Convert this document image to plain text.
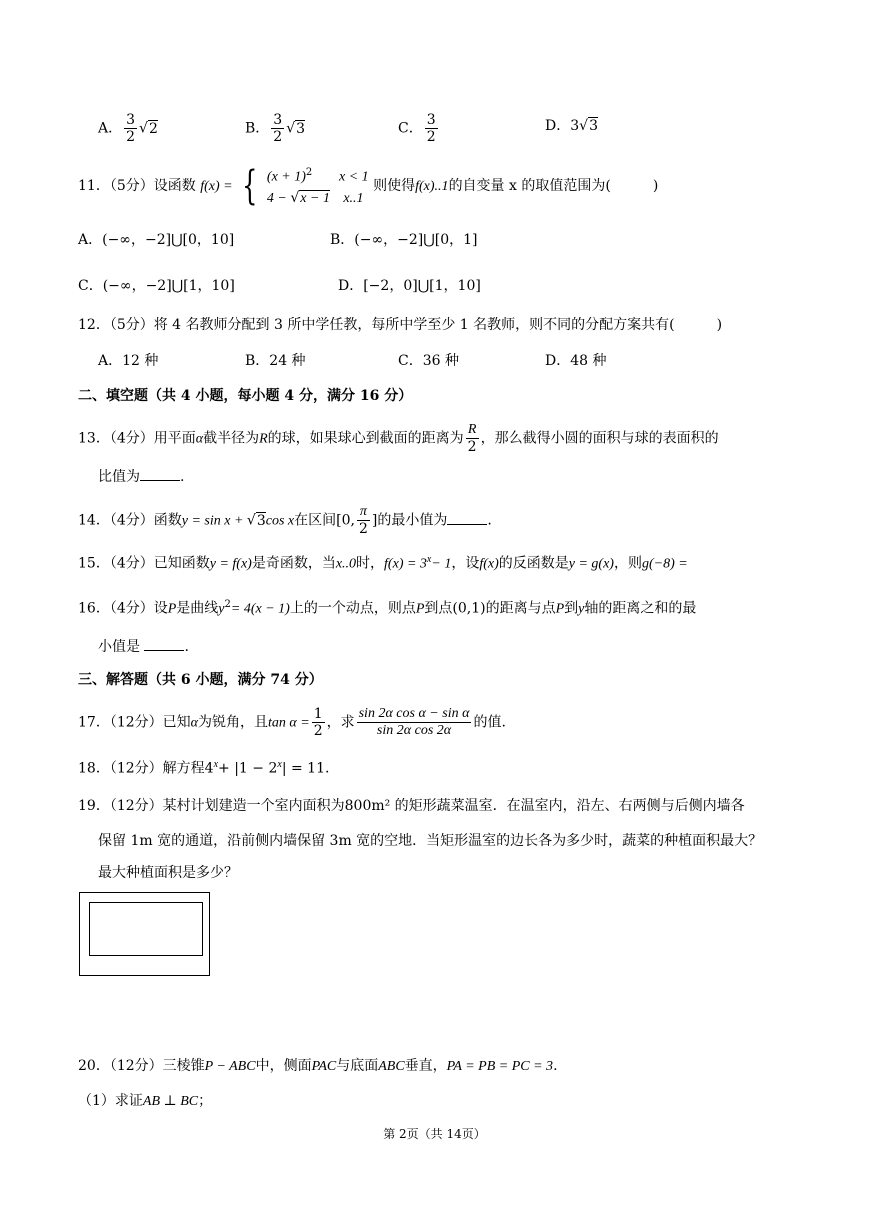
A． $\frac{3}{2} √2$	B． $\frac{3}{2} √3$	C． $\frac{3}{2}$	D．3√3
11．（5分）设函数 f(x) = { $(x + 1)^2$ x < 1
4 − √x − 1 x..1
则使得f(x)..1的自变量 x 的取值范围为(　　　)
A．(−∞，−2]⋃[0，10]	B．(−∞，−2]⋃[0，1]
C．(−∞，−2]⋃[1，10]	D．[−2，0]⋃[1，10]
12．（5分）将 4 名教师分配到 3 所中学任教，每所中学至少 1 名教师，则不同的分配方案共有(　　　)
A．12 种	B．24 种	C．36 种	D．48 种
二、填空题（共 4 小题，每小题 4 分，满分 16 分）
13．（4分）用平面α截半径为R的球，如果球心到截面的距离为 $\frac{R}{2}$ ，那么截得小圆的面积与球的表面积的
比值为	.
14．（4分）函数y = sin x + √3cos x在区间[0, $\frac{\pi}{2}$ ]的最小值为	.
15．（4分）已知函数y = f(x)是奇函数，当x..0时，$f(x) = 3^x- 1$，设f(x)的反函数是y = g(x)，则g(−8) =
16．（4分）设P是曲线$y^2= 4(x - 1)$上的一个动点，则点P到点(0,1)的距离与点P到y轴的距离之和的最
小值是	.
三、解答题（共 6 小题，满分 74 分）
17．（12分）已知α为锐角，且$\tan \alpha = \frac{1}{2}$ ，求 $\frac{\text{sin 2α cos α − sin α}}{\text{sin 2α cos 2α}}$ 的值.
18．（12分）解方程$4^x+ |1 - 2^x| = 11$.
19．（12分）某村计划建造一个室内面积为800m² 的矩形蔬菜温室．在温室内，沿左、右两侧与后侧内墙各
保留 1m 宽的通道，沿前侧内墙保留 3m 宽的空地．当矩形温室的边长各为多少时，蔬菜的种植面积最大？
最大种植面积是多少？
20．（12分）三棱锥P − ABC中，侧面PAC与底面ABC垂直，PA = PB = PC = 3.
（1）求证AB ⊥ BC；
第 2页（共 14页）
